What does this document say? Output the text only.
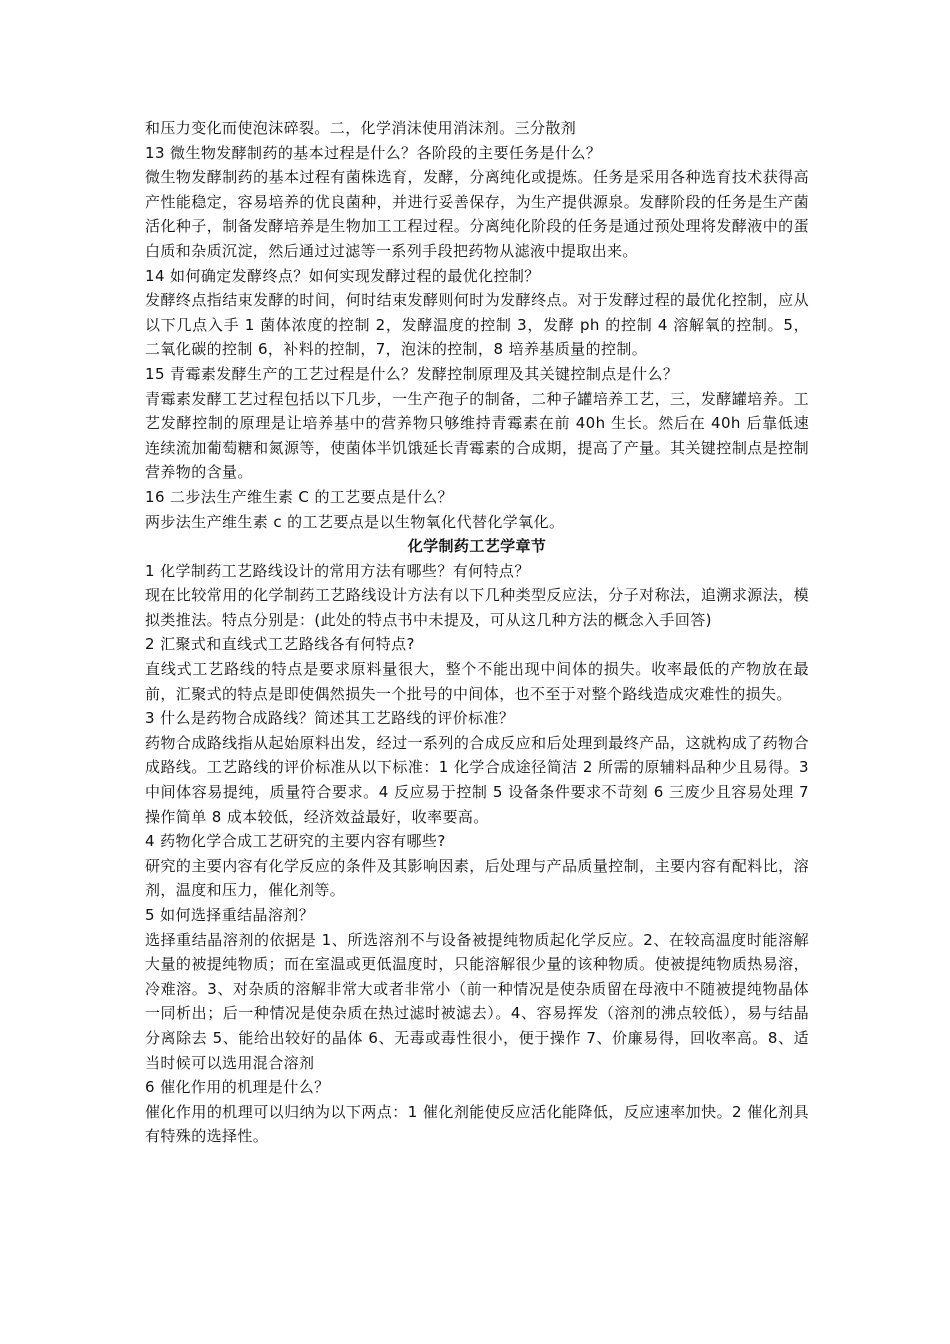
和压力变化而使泡沫碎裂。二，化学消沫使用消沫剂。三分散剂

13 微生物发酵制药的基本过程是什么？各阶段的主要任务是什么？

微生物发酵制药的基本过程有菌株选育，发酵，分离纯化或提炼。任务是采用各种选育技术获得高产性能稳定，容易培养的优良菌种，并进行妥善保存，为生产提供源泉。发酵阶段的任务是生产菌活化种子，制备发酵培养是生物加工工程过程。分离纯化阶段的任务是通过预处理将发酵液中的蛋白质和杂质沉淀，然后通过过滤等一系列手段把药物从滤液中提取出来。

14 如何确定发酵终点？如何实现发酵过程的最优化控制？

发酵终点指结束发酵的时间，何时结束发酵则何时为发酵终点。对于发酵过程的最优化控制，应从以下几点入手 1 菌体浓度的控制 2，发酵温度的控制 3，发酵 ph 的控制 4 溶解氧的控制。5，二氧化碳的控制 6，补料的控制，7，泡沫的控制，8 培养基质量的控制。

15 青霉素发酵生产的工艺过程是什么？发酵控制原理及其关键控制点是什么？

青霉素发酵工艺过程包括以下几步，一生产孢子的制备，二种子罐培养工艺，三，发酵罐培养。工艺发酵控制的原理是让培养基中的营养物只够维持青霉素在前 40h 生长。然后在 40h 后靠低速连续流加葡萄糖和氮源等，使菌体半饥饿延长青霉素的合成期，提高了产量。其关键控制点是控制营养物的含量。

16 二步法生产维生素 C 的工艺要点是什么？

两步法生产维生素 c 的工艺要点是以生物氧化代替化学氧化。

化学制药工艺学章节

1 化学制药工艺路线设计的常用方法有哪些？有何特点？

现在比较常用的化学制药工艺路线设计方法有以下几种类型反应法，分子对称法，追溯求源法，模拟类推法。特点分别是：(此处的特点书中未提及，可从这几种方法的概念入手回答)

2 汇聚式和直线式工艺路线各有何特点?

直线式工艺路线的特点是要求原料量很大，整个不能出现中间体的损失。收率最低的产物放在最前，汇聚式的特点是即使偶然损失一个批号的中间体，也不至于对整个路线造成灾难性的损失。

3 什么是药物合成路线？简述其工艺路线的评价标准？

药物合成路线指从起始原料出发，经过一系列的合成反应和后处理到最终产品，这就构成了药物合成路线。工艺路线的评价标准从以下标准：1 化学合成途径简洁 2 所需的原辅料品种少且易得。3 中间体容易提纯，质量符合要求。4 反应易于控制 5 设备条件要求不苛刻 6 三废少且容易处理 7 操作简单 8 成本较低，经济效益最好，收率要高。

4 药物化学合成工艺研究的主要内容有哪些?

研究的主要内容有化学反应的条件及其影响因素，后处理与产品质量控制，主要内容有配料比，溶剂，温度和压力，催化剂等。

5 如何选择重结晶溶剂？

选择重结晶溶剂的依据是 1、所选溶剂不与设备被提纯物质起化学反应。2、在较高温度时能溶解大量的被提纯物质；而在室温或更低温度时，只能溶解很少量的该种物质。使被提纯物质热易溶，冷难溶。3、对杂质的溶解非常大或者非常小（前一种情况是使杂质留在母液中不随被提纯物晶体一同析出；后一种情况是使杂质在热过滤时被滤去）。4、容易挥发（溶剂的沸点较低），易与结晶分离除去 5、能给出较好的晶体 6、无毒或毒性很小，便于操作 7、价廉易得，回收率高。8、适当时候可以选用混合溶剂

6 催化作用的机理是什么？

催化作用的机理可以归纳为以下两点：1 催化剂能使反应活化能降低，反应速率加快。2 催化剂具有特殊的选择性。
